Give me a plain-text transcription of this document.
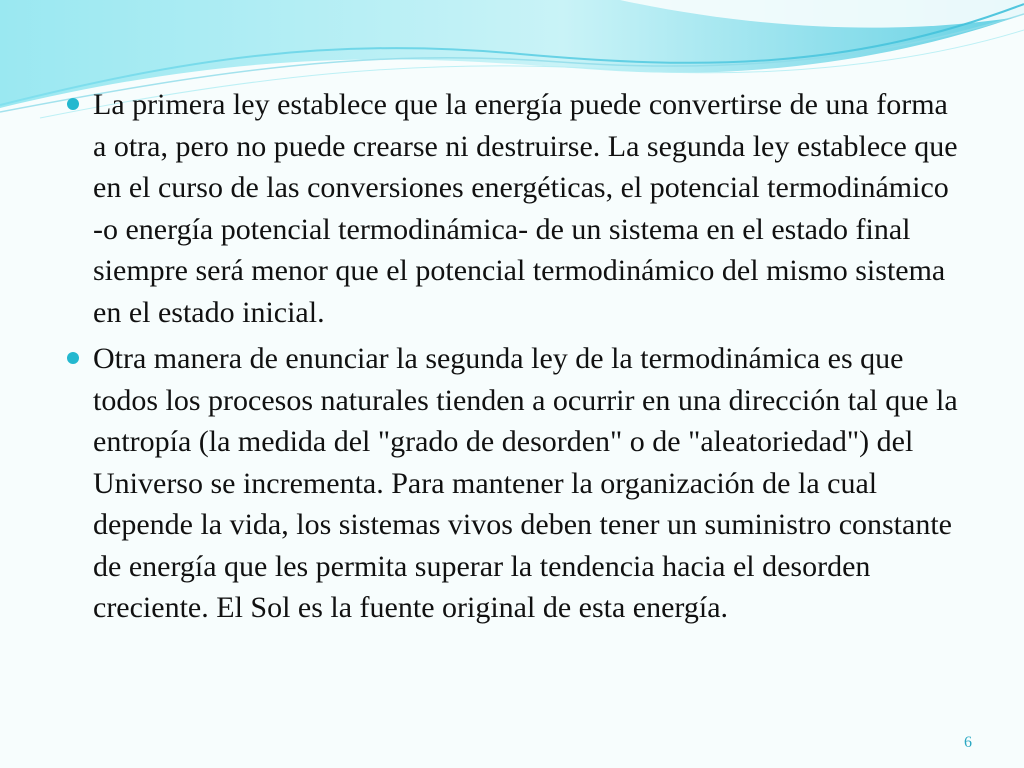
La primera ley establece que la energía puede convertirse de una forma a otra, pero no puede crearse ni destruirse. La segunda ley establece que en el curso de las conversiones energéticas, el potencial termodinámico -o energía potencial termodinámica- de un sistema en el estado final siempre será menor que el potencial termodinámico del mismo sistema en el estado inicial.
Otra manera de enunciar la segunda ley de la termodinámica es que todos los procesos naturales tienden a ocurrir en una dirección tal que la entropía (la medida del "grado de desorden" o de "aleatoriedad") del Universo se incrementa. Para mantener la organización de la cual depende la vida, los sistemas vivos deben tener un suministro constante de energía que les permita superar la tendencia hacia el desorden creciente. El Sol es la fuente original de esta energía.
6
